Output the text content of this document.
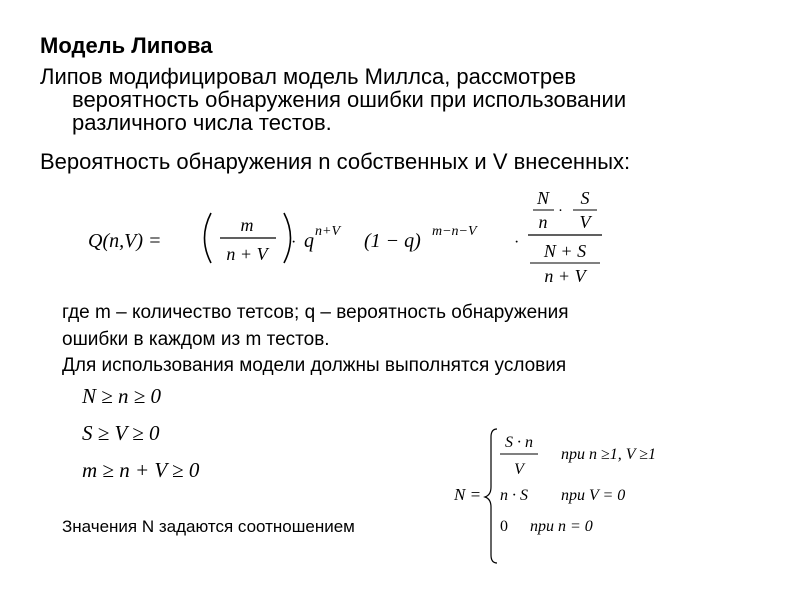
Модель Липова
Липов модифицировал модель Миллса, рассмотрев
вероятность обнаружения ошибки при использовании
различного числа тестов.
Вероятность обнаружения n собственных и V внесенных:
Q(n,V) =
m
n + V
· q n+V (1 − q) m−n−V
·
N
n
·
S
V
N + S
n + V
где m – количество тетсов; q – вероятность обнаружения
ошибки в каждом из m тестов.
Для использования модели должны выполнятся условия
N ≥ n ≥ 0
S ≥ V ≥ 0
m ≥ n + V ≥ 0
Значения N задаются соотношением
N =
S · n
V
при n ≥1, V ≥1
n · S при V = 0
0 при n = 0
